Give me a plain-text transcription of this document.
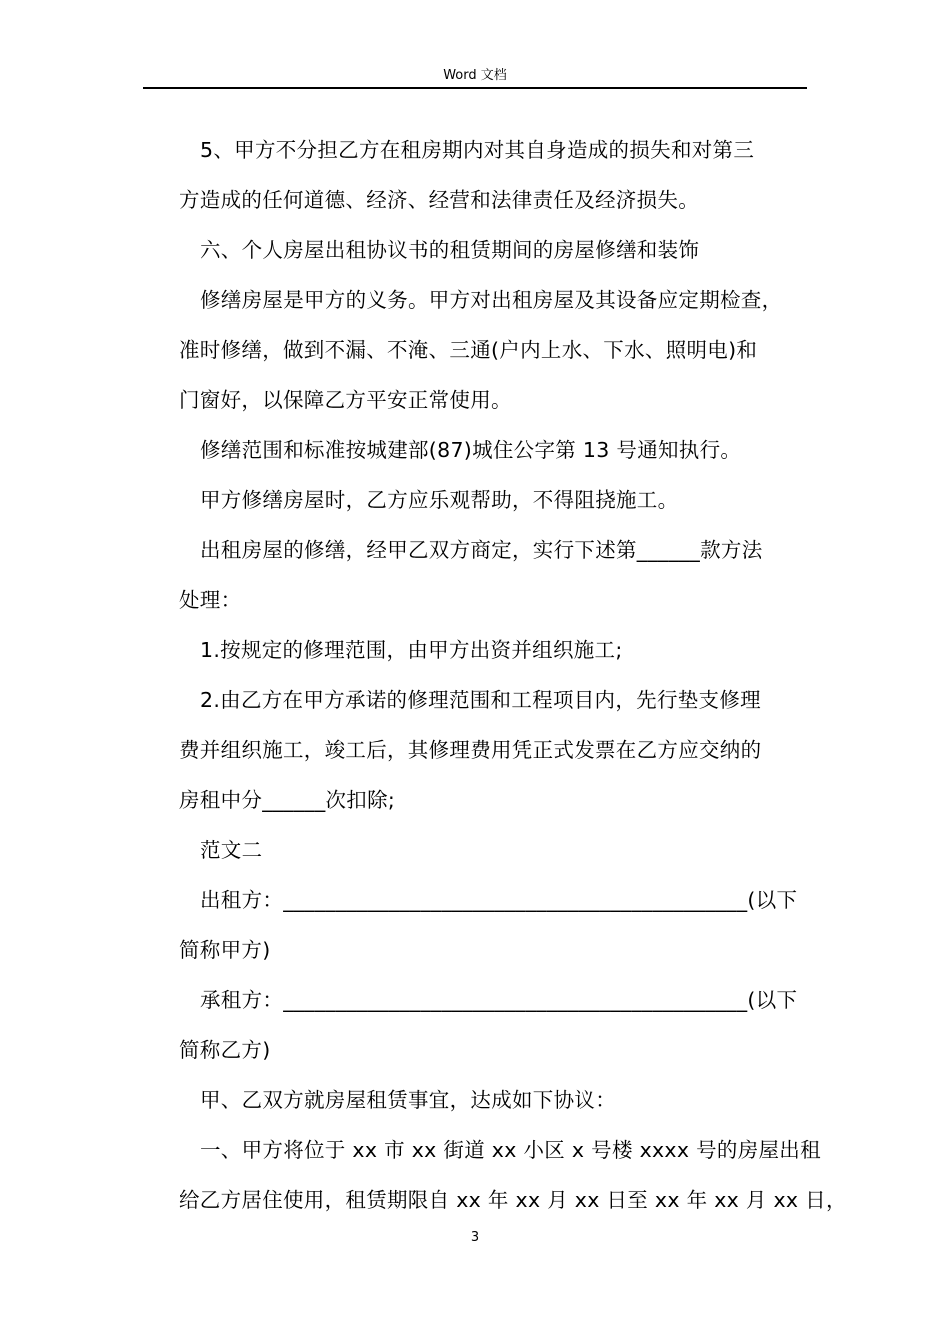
Word 文档
5、甲方不分担乙方在租房期内对其自身造成的损失和对第三
方造成的任何道德、经济、经营和法律责任及经济损失。
六、个人房屋出租协议书的租赁期间的房屋修缮和装饰
修缮房屋是甲方的义务。甲方对出租房屋及其设备应定期检查，
准时修缮，做到不漏、不淹、三通(户内上水、下水、照明电)和
门窗好，以保障乙方平安正常使用。
修缮范围和标准按城建部(87)城住公字第 13 号通知执行。
甲方修缮房屋时，乙方应乐观帮助，不得阻挠施工。
出租房屋的修缮，经甲乙双方商定，实行下述第______款方法
处理：
1.按规定的修理范围，由甲方出资并组织施工;
2.由乙方在甲方承诺的修理范围和工程项目内，先行垫支修理
费并组织施工，竣工后，其修理费用凭正式发票在乙方应交纳的
房租中分______次扣除;
范文二
出租方：____________________________________________(以下
简称甲方)
承租方：____________________________________________(以下
简称乙方)
甲、乙双方就房屋租赁事宜，达成如下协议：
一、甲方将位于 xx 市 xx 街道 xx 小区 x 号楼 xxxx 号的房屋出租
给乙方居住使用，租赁期限自 xx 年 xx 月 xx 日至 xx 年 xx 月 xx 日，
3
